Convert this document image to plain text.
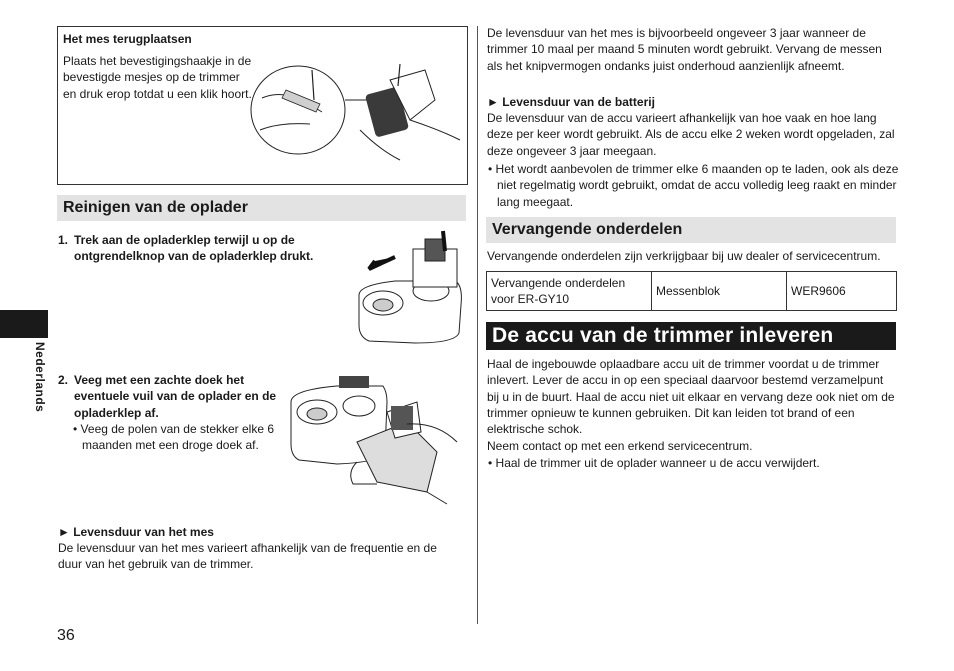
Nederlands
Het mes terugplaatsen
Plaats het bevestigingshaakje in de bevestigde mesjes op de trimmer en druk erop totdat u een klik hoort.
Reinigen van de oplader
1. Trek aan de opladerklep terwijl u op de ontgrendelknop van de opladerklep drukt.
2. Veeg met een zachte doek het eventuele vuil van de oplader en de opladerklep af.
• Veeg de polen van de stekker elke 6 maanden met een droge doek af.
► Levensduur van het mes
De levensduur van het mes varieert afhankelijk van de frequentie en de duur van het gebruik van de trimmer.
36
De levensduur van het mes is bijvoorbeeld ongeveer 3 jaar wanneer de trimmer 10 maal per maand 5 minuten wordt gebruikt. Vervang de messen als het knipvermogen ondanks juist onderhoud aanzienlijk afneemt.
► Levensduur van de batterij
De levensduur van de accu varieert afhankelijk van hoe vaak en hoe lang deze per keer wordt gebruikt. Als de accu elke 2 weken wordt opgeladen, zal deze ongeveer 3 jaar meegaan.
• Het wordt aanbevolen de trimmer elke 6 maanden op te laden, ook als deze niet regelmatig wordt gebruikt, omdat de accu volledig leeg raakt en minder lang meegaat.
Vervangende onderdelen
Vervangende onderdelen zijn verkrijgbaar bij uw dealer of servicecentrum.
Vervangende onderdelen voor ER-GY10	Messenblok	WER9606
De accu van de trimmer inleveren
Haal de ingebouwde oplaadbare accu uit de trimmer voordat u de trimmer inlevert. Lever de accu in op een speciaal daarvoor bestemd verzamelpunt bij u in de buurt. Haal de accu niet uit elkaar en vervang deze ook niet om de trimmer opnieuw te kunnen gebruiken. Dit kan leiden tot brand of een elektrische schok.
Neem contact op met een erkend servicecentrum.
• Haal de trimmer uit de oplader wanneer u de accu verwijdert.
